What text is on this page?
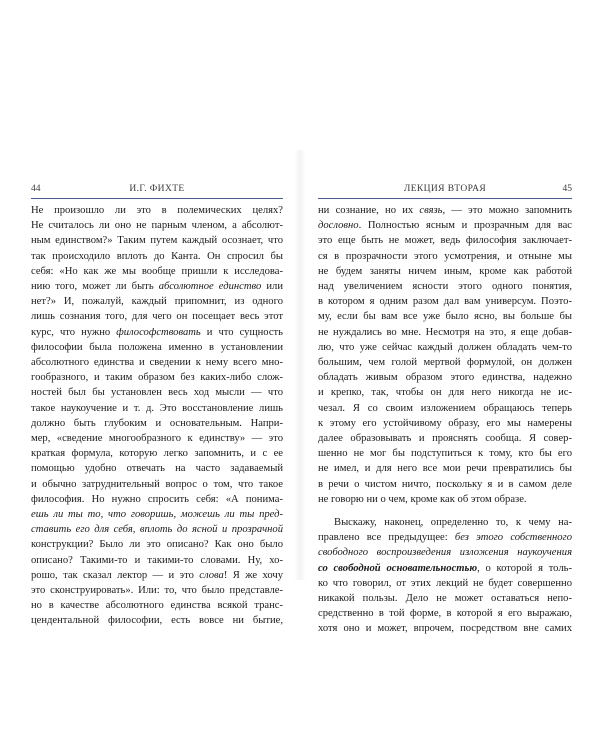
44	И.Г. ФИХТЕ
Не произошло ли это в полемических целях?
Не считалось ли оно не парным членом, а абсолют-
ным единством?» Таким путем каждый осознает, что
так происходило вплоть до Канта. Он спросил бы
себя: «Но как же мы вообще пришли к исследова-
нию того, может ли быть абсолютное единство или
нет?» И, пожалуй, каждый припомнит, из одного
лишь сознания того, для чего он посещает весь этот
курс, что нужно философствовать и что сущность
философии была положена именно в установлении
абсолютного единства и сведении к нему всего мно-
гообразного, и таким образом без каких-либо слож-
ностей был бы установлен весь ход мысли — что
такое наукоучение и т. д. Это восстановление лишь
должно быть глубоким и основательным. Напри-
мер, «сведение многообразного к единству» — это
краткая формула, которую легко запомнить, и с ее
помощью удобно отвечать на часто задаваемый
и обычно затруднительный вопрос о том, что такое
философия. Но нужно спросить себя: «А понима-
ешь ли ты то, что говоришь, можешь ли ты пред-
ставить его для себя, вплоть до ясной и прозрачной
конструкции? Было ли это описано? Как оно было
описано? Такими-то и такими-то словами. Ну, хо-
рошо, так сказал лектор — и это слова! Я же хочу
это сконструировать». Или: то, что было представле-
но в качестве абсолютного единства всякой транс-
цендентальной философии, есть вовсе ни бытие,
ЛЕКЦИЯ ВТОРАЯ	45
ни сознание, но их связь, — это можно запомнить
дословно. Полностью ясным и прозрачным для вас
это еще быть не может, ведь философия заключает-
ся в прозрачности этого усмотрения, и отныне мы
не будем заняты ничем иным, кроме как работой
над увеличением ясности этого одного понятия,
в котором я одним разом дал вам универсум. Поэто-
му, если бы вам все уже было ясно, вы больше бы
не нуждались во мне. Несмотря на это, я еще добав-
лю, что уже сейчас каждый должен обладать чем-то
большим, чем голой мертвой формулой, он должен
обладать живым образом этого единства, надежно
и крепко, так, чтобы он для него никогда не ис-
чезал. Я со своим изложением обращаюсь теперь
к этому его устойчивому образу, его мы намерены
далее образовывать и прояснять сообща. Я совер-
шенно не мог бы подступиться к тому, кто бы его
не имел, и для него все мои речи превратились бы
в речи о чистом ничто, поскольку я и в самом деле
не говорю ни о чем, кроме как об этом образе.
Выскажу, наконец, определенно то, к чему на-
правлено все предыдущее: без этого собственного
свободного воспроизведения изложения наукоучения
со свободной основательностью, о которой я толь-
ко что говорил, от этих лекций не будет совершенно
никакой пользы. Дело не может оставаться непо-
средственно в той форме, в которой я его выражаю,
хотя оно и может, впрочем, посредством вне самих
